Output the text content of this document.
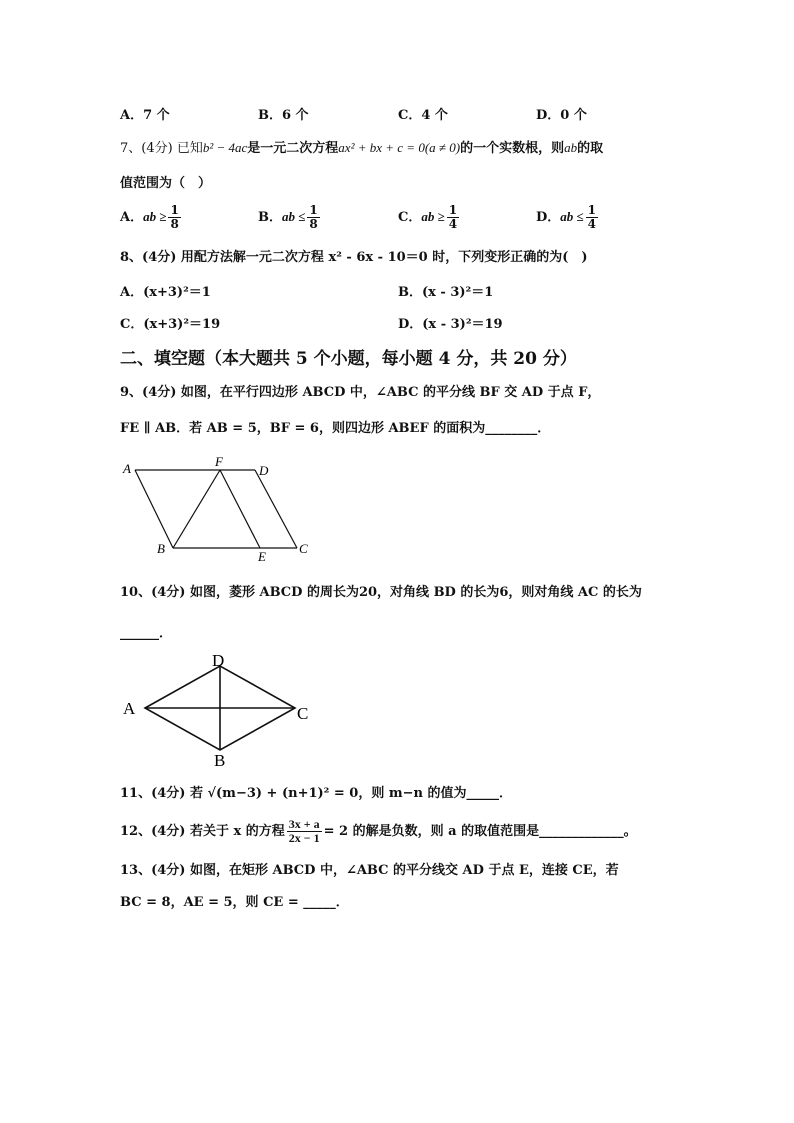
A．7 个	B．6 个	C．4 个	D．0 个
7、(4分) 已知b² − 4ac是一元二次方程ax² + bx + c = 0(a ≠ 0)的一个实数根，则ab的取
值范围为（　）
A．ab ≥ $\frac{1}{8}$	B．ab ≤ $\frac{1}{8}$	C．ab ≥ $\frac{1}{4}$	D．ab ≤ $\frac{1}{4}$
8、(4分) 用配方法解一元二次方程 x² - 6x - 10＝0 时，下列变形正确的为(　)
A．(x+3)²＝1	B．(x - 3)²＝1
C．(x+3)²＝19	D．(x - 3)²＝19
二、填空题（本大题共 5 个小题，每小题 4 分，共 20 分）
9、(4分) 如图，在平行四边形 ABCD 中，∠ABC 的平分线 BF 交 AD 于点 F，
FE ∥ AB．若 AB = 5，BF = 6，则四边形 ABEF 的面积为________．
A
B	C
D
E
F
10、(4分) 如图，菱形 ABCD 的周长为20，对角线 BD 的长为6，则对角线 AC 的长为
______．
A
B
C
D
11、(4分) 若 √(m−3) + (n+1)² = 0，则 m−n 的值为_____．
12、(4分) 若关于 x 的方程 $\frac{3x + a}{2x - 1} = 2$ 的解是负数，则 a 的取值范围是_____________。
13、(4分) 如图，在矩形 ABCD 中，∠ABC 的平分线交 AD 于点 E，连接 CE，若
BC = 8，AE = 5，则 CE = _____．
